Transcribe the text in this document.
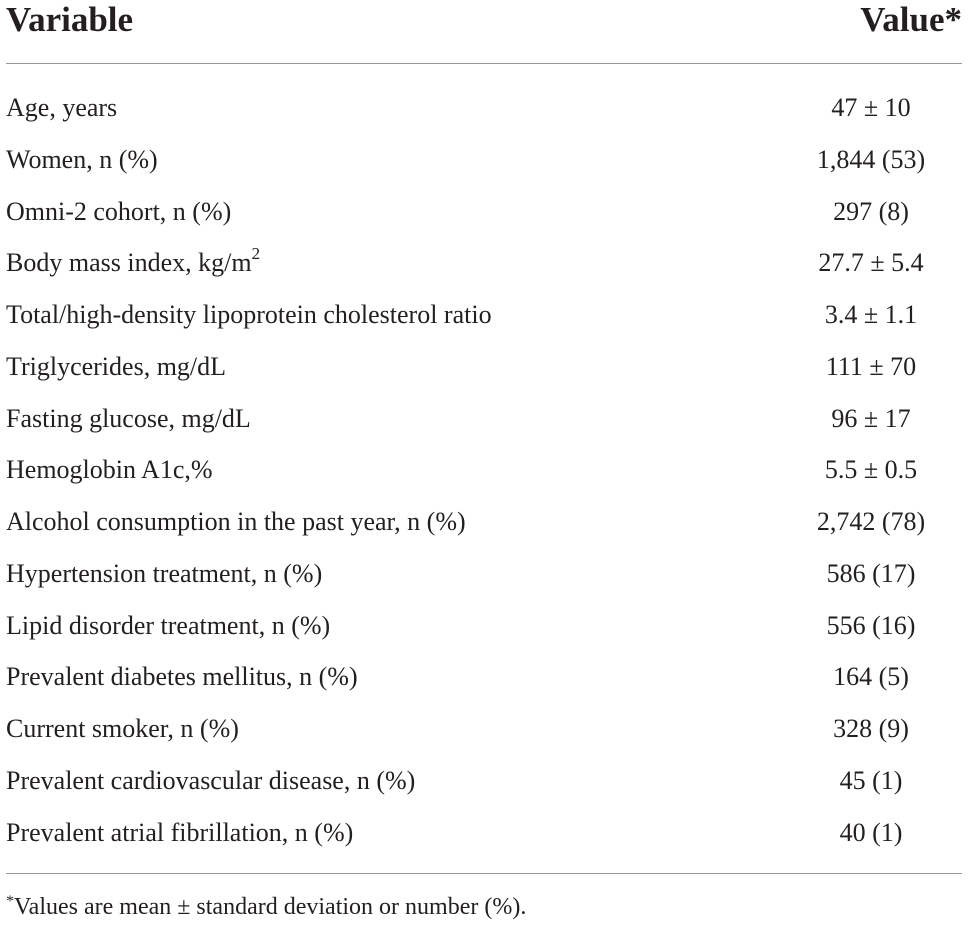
Variable	Value*
Age, years	47 ± 10
Women, n (%)	1,844 (53)
Omni-2 cohort, n (%)	297 (8)
Body mass index, $kg/m^2$	27.7 ± 5.4
Total/high-density lipoprotein cholesterol ratio	3.4 ± 1.1
Triglycerides, mg/dL	111 ± 70
Fasting glucose, mg/dL	96 ± 17
Hemoglobin A1c,%	5.5 ± 0.5
Alcohol consumption in the past year, n (%)	2,742 (78)
Hypertension treatment, n (%)	586 (17)
Lipid disorder treatment, n (%)	556 (16)
Prevalent diabetes mellitus, n (%)	164 (5)
Current smoker, n (%)	328 (9)
Prevalent cardiovascular disease, n (%)	45 (1)
Prevalent atrial fibrillation, n (%)	40 (1)
*Values are mean ± standard deviation or number (%).
